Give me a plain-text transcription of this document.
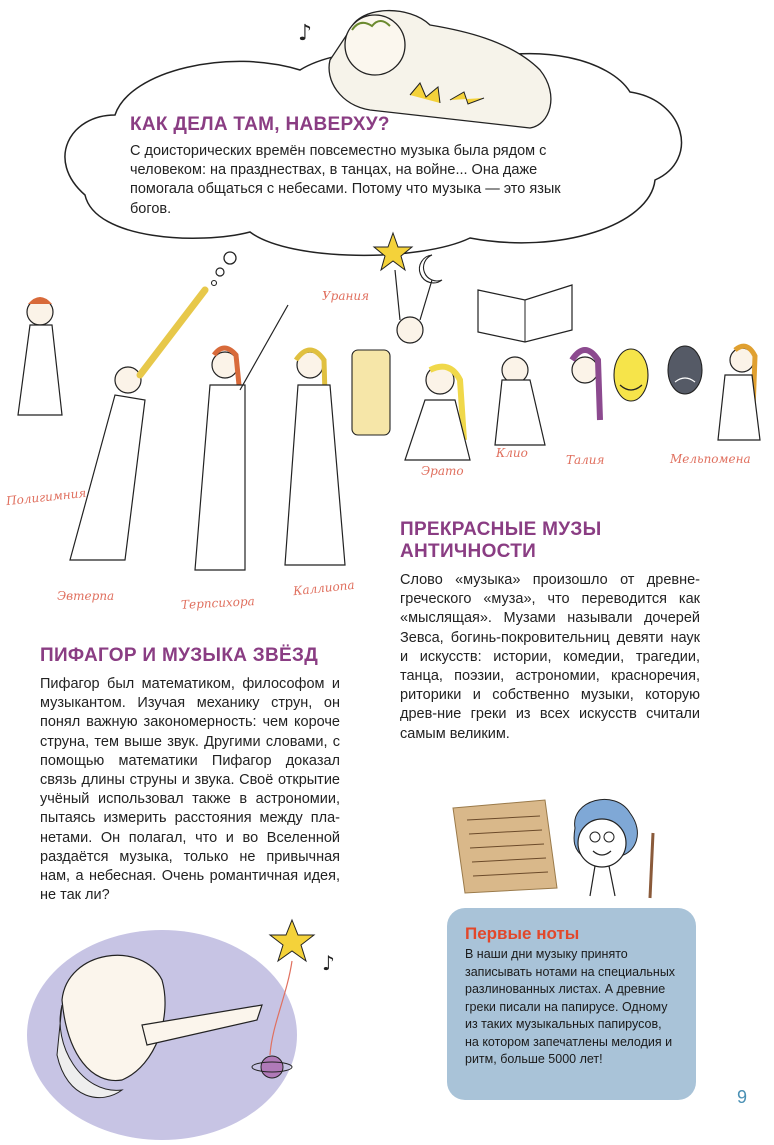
♪
КАК ДЕЛА ТАМ, НАВЕРХУ?

С доисторических времён повсеместно музыка была рядом с человеком: на празднествах, в танцах, на войне... Она даже помогала общаться с небесами. Потому что музыка — это язык богов.

Полигимния
Эвтерпа	Терпсихора
Каллиопа
Урания
Эрато
Клио	Талия	Мельпомена
ПРЕКРАСНЫЕ МУЗЫ АНТИЧНОСТИ

Слово «музыка» произошло от древне-греческого «муза», что переводится как «мыслящая». Музами называли дочерей Зевса, богинь-покровительниц девяти наук и искусств: истории, комедии, трагедии, танца, поэзии, астрономии, красноречия, риторики и собственно музыки, которую древ-ние греки из всех искусств считали самым великим.

ПИФАГОР И МУЗЫКА ЗВЁЗД

Пифагор был математиком, философом и музыкантом. Изучая механику струн, он понял важную закономерность: чем короче струна, тем выше звук. Другими словами, с помощью математики Пифагор доказал связь длины струны и звука. Своё открытие учёный использовал также в астрономии, пытаясь измерить расстояния между пла-нетами. Он полагал, что и во Вселенной раздаётся музыка, только не привычная нам, а небесная. Очень романтичная идея, не так ли?

♪
Первые ноты

В наши дни музыку принято записывать нотами на специальных разлинованных листах. А древние греки писали на папирусе. Одному из таких музыкальных папирусов, на котором запечатлены мелодия и ритм, больше 5000 лет!

9
